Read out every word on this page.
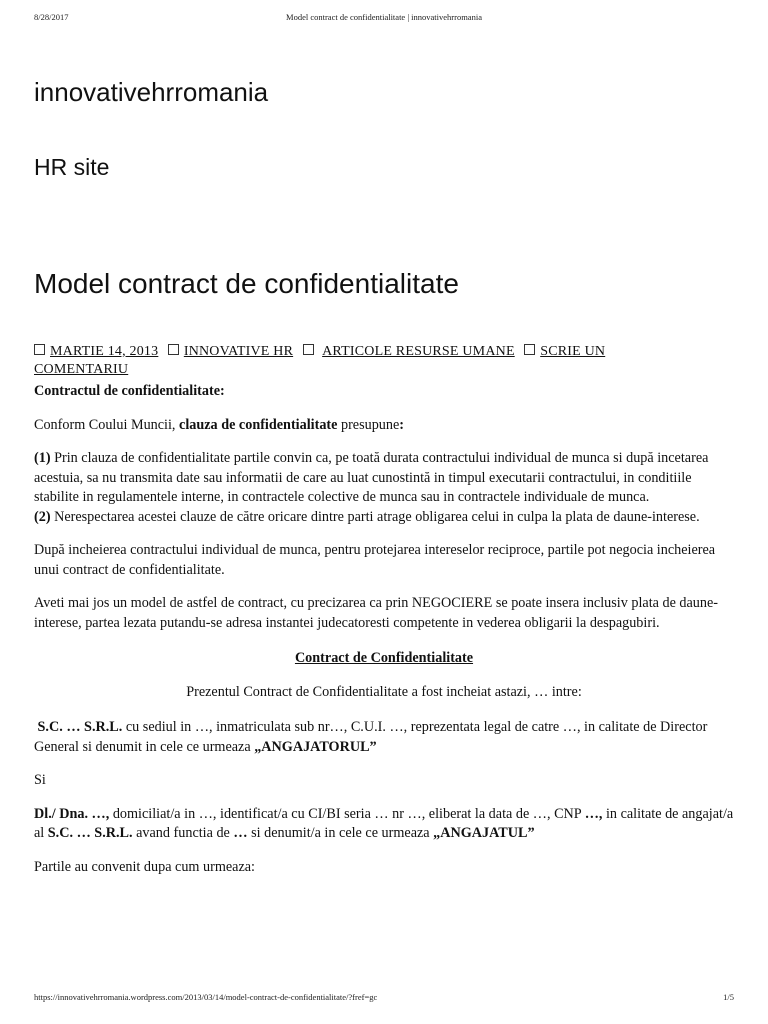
8/28/2017	Model contract de confidentialitate | innovativehrromania
innovativehrromania
HR site
Model contract de confidentialitate
MARTIE 14, 2013 INNOVATIVE HR ARTICOLE RESURSE UMANE SCRIE UN COMENTARIU

Contractul de confidentialitate:

Conform Coului Muncii, clauza de confidentialitate presupune:

(1) Prin clauza de confidentialitate partile convin ca, pe toată durata contractului individual de munca si după incetarea acestuia, sa nu transmita date sau informatii de care au luat cunostintă in timpul executarii contractului, in conditiile stabilite in regulamentele interne, in contractele colective de munca sau in contractele individuale de munca.

(2) Nerespectarea acestei clauze de către oricare dintre parti atrage obligarea celui in culpa la plata de daune-interese.

După incheierea contractului individual de munca, pentru protejarea intereselor reciproce, partile pot negocia incheierea unui contract de confidentialitate.

Aveti mai jos un model de astfel de contract, cu precizarea ca prin NEGOCIERE se poate insera inclusiv plata de daune-interese, partea lezata putandu-se adresa instantei judecatoresti competente in vederea obligarii la despagubiri.

Contract de Confidentialitate

Prezentul Contract de Confidentialitate a fost incheiat astazi, … intre:

S.C. … S.R.L. cu sediul in …, inmatriculata sub nr…, C.U.I. …, reprezentata legal de catre …, in calitate de Director General si denumit in cele ce urmeaza „ANGAJATORUL”

Si

Dl./ Dna. …, domiciliat/a in …, identificat/a cu CI/BI seria … nr …, eliberat la data de …, CNP …, in calitate de angajat/a al S.C. … S.R.L. avand functia de … si denumit/a in cele ce urmeaza „ANGAJATUL”

Partile au convenit dupa cum urmeaza:

https://innovativehrromania.wordpress.com/2013/03/14/model-contract-de-confidentialitate/?fref=gc	1/5
